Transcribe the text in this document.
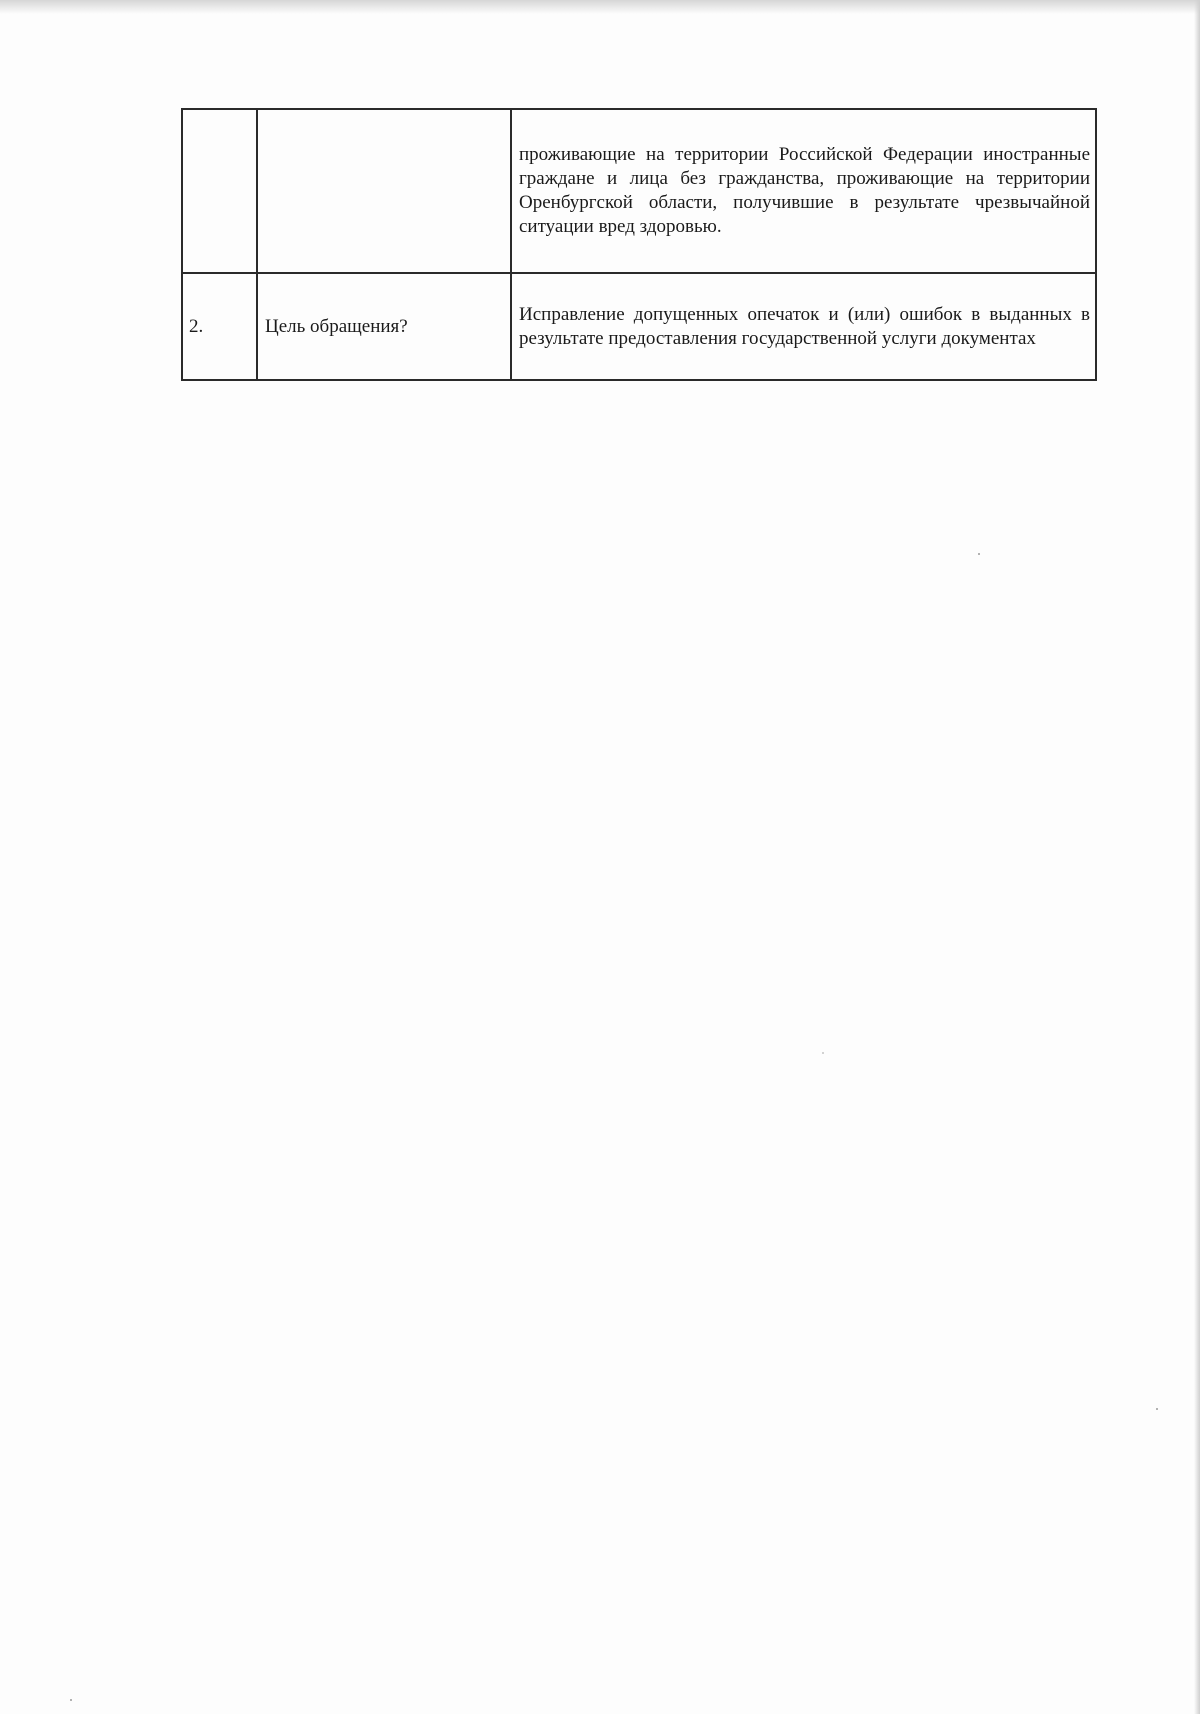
		проживающие на территории Российской Федерации иностранные граждане и лица без гражданства, проживающие на территории Оренбургской области, получившие в результате чрезвычайной ситуации вред здоровью.
2.	Цель обращения?	Исправление допущенных опечаток и (или) ошибок в выданных в результате предоставления государственной услуги документах
